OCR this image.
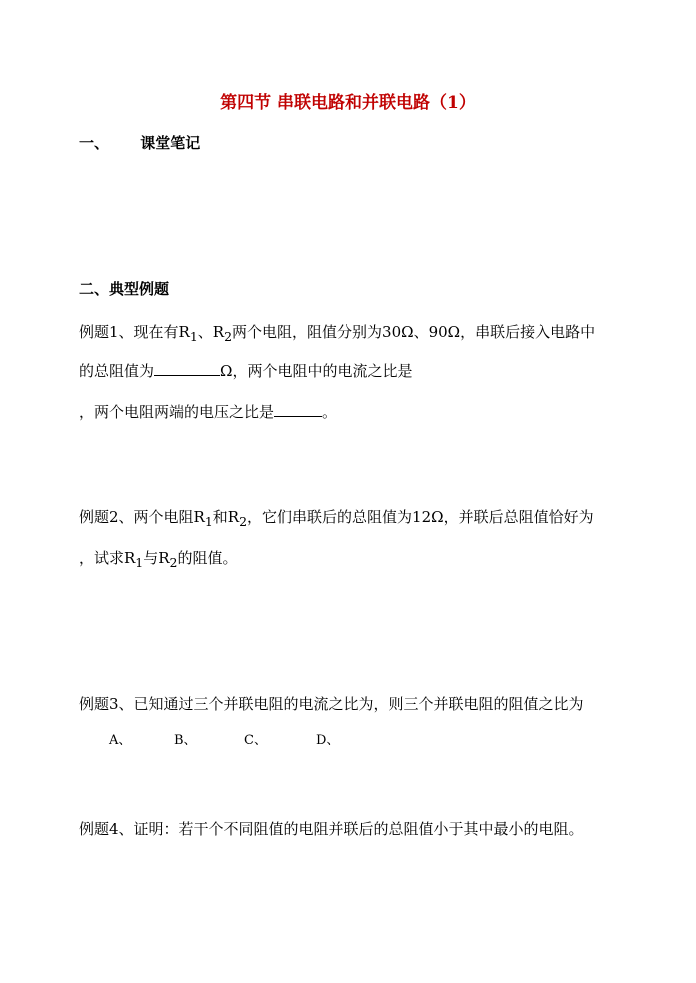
第四节 串联电路和并联电路（1）
一、 课堂笔记
二、典型例题
例题1、现在有$R_1$、$R_2$两个电阻，阻值分别为30Ω、90Ω，串联后接入电路中
的总阻值为	Ω，两个电阻中的电流之比是
，两个电阻两端的电压之比是	。
例题2、两个电阻$R_1$和$R_2$，它们串联后的总阻值为12Ω，并联后总阻值恰好为
，试求$R_1$与$R_2$的阻值。
例题3、已知通过三个并联电阻的电流之比为，则三个并联电阻的阻值之比为
A、	B、	C、	D、
例题4、证明：若干个不同阻值的电阻并联后的总阻值小于其中最小的电阻。
